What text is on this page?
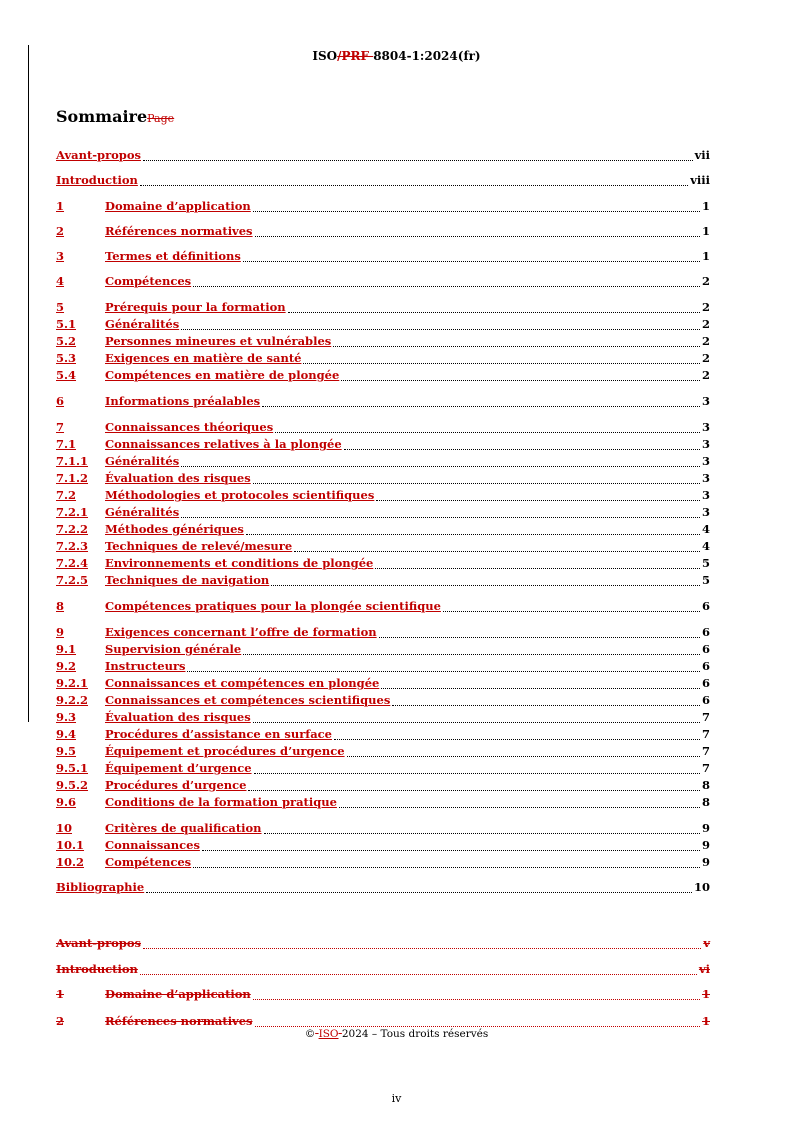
ISO/PRF 8804-1:2024(fr)
SommairePage
Avant-propos	vii
Introduction	viii
1	Domaine d’application	1
2	Références normatives	1
3	Termes et définitions	1
4	Compétences	2
5	Prérequis pour la formation	2
5.1	Généralités	2
5.2	Personnes mineures et vulnérables	2
5.3	Exigences en matière de santé	2
5.4	Compétences en matière de plongée	2
6	Informations préalables	3
7	Connaissances théoriques	3
7.1	Connaissances relatives à la plongée	3
7.1.1	Généralités	3
7.1.2	Évaluation des risques	3
7.2	Méthodologies et protocoles scientifiques	3
7.2.1	Généralités	3
7.2.2	Méthodes génériques	4
7.2.3	Techniques de relevé/mesure	4
7.2.4	Environnements et conditions de plongée	5
7.2.5	Techniques de navigation	5
8	Compétences pratiques pour la plongée scientifique	6
9	Exigences concernant l’offre de formation	6
9.1	Supervision générale	6
9.2	Instructeurs	6
9.2.1	Connaissances et compétences en plongée	6
9.2.2	Connaissances et compétences scientifiques	6
9.3	Évaluation des risques	7
9.4	Procédures d’assistance en surface	7
9.5	Équipement et procédures d’urgence	7
9.5.1	Équipement d’urgence	7
9.5.2	Procédures d’urgence	8
9.6	Conditions de la formation pratique	8
10	Critères de qualification	9
10.1	Connaissances	9
10.2	Compétences	9
Bibliographie	10
Avant-propos	v
Introduction	vi
1	Domaine d’application	1
2	Références normatives	1
© ISO 2024 – Tous droits réservés
iv
